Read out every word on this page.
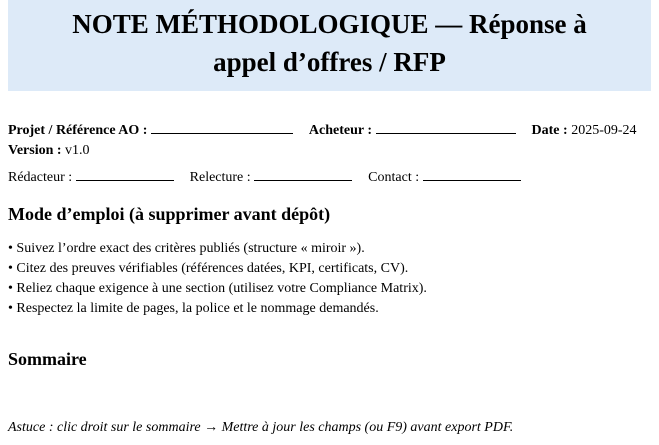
NOTE MÉTHODOLOGIQUE — Réponse à appel d’offres / RFP
Projet / Référence AO :	Acheteur :	Date : 2025-09-24  Version : v1.0
Rédacteur :	Relecture :	Contact :
Mode d’emploi (à supprimer avant dépôt)
• Suivez l’ordre exact des critères publiés (structure « miroir »).
• Citez des preuves vérifiables (références datées, KPI, certificats, CV).
• Reliez chaque exigence à une section (utilisez votre Compliance Matrix).
• Respectez la limite de pages, la police et le nommage demandés.
Sommaire
Astuce : clic droit sur le sommaire → Mettre à jour les champs (ou F9) avant export PDF.
